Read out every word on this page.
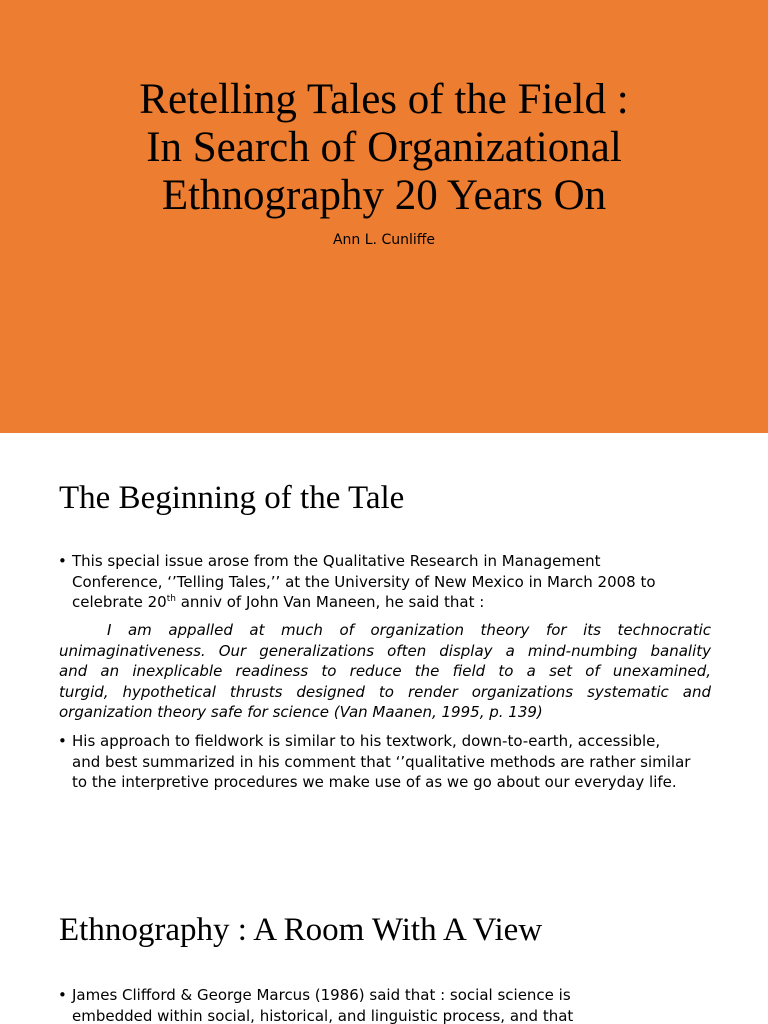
Retelling Tales of the Field :
In Search of Organizational
Ethnography 20 Years On
Ann L. Cunliffe
The Beginning of the Tale
• This special issue arose from the Qualitative Research in Management
Conference, ‘’Telling Tales,’’ at the University of New Mexico in March 2008 to
celebrate 20th anniv of John Van Maneen, he said that :
I am appalled at much of organization theory for its technocratic
unimaginativeness. Our generalizations often display a mind-numbing banality
and an inexplicable readiness to reduce the field to a set of unexamined,
turgid, hypothetical thrusts designed to render organizations systematic and
organization theory safe for science (Van Maanen, 1995, p. 139)
• His approach to fieldwork is similar to his textwork, down-to-earth, accessible,
and best summarized in his comment that ‘’qualitative methods are rather similar
to the interpretive procedures we make use of as we go about our everyday life.
Ethnography : A Room With A View
• James Clifford & George Marcus (1986) said that : social science is
embedded within social, historical, and linguistic process, and that
